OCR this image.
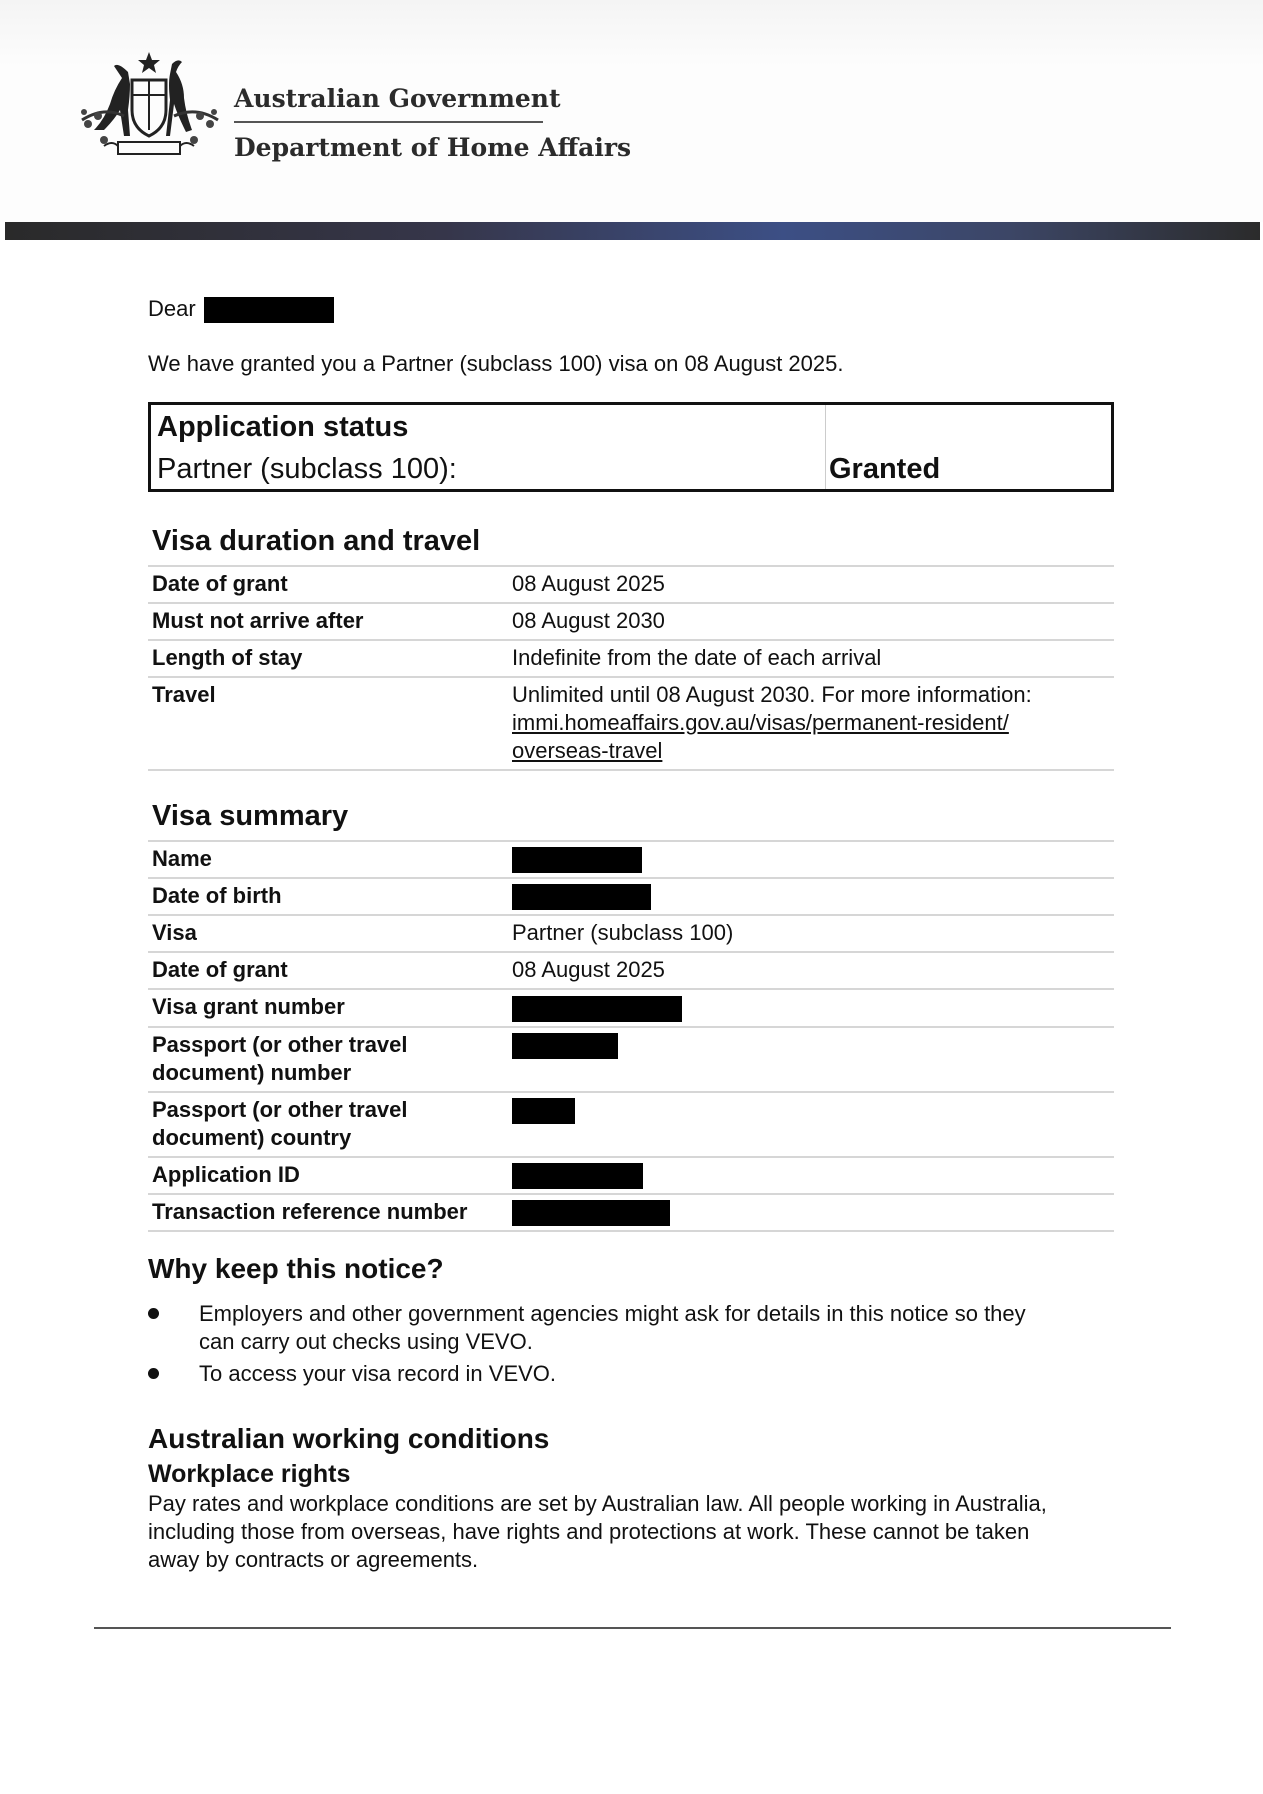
Australian Government
Department of Home Affairs
Dear
We have granted you a Partner (subclass 100) visa on 08 August 2025.
Application status
Partner (subclass 100):	Granted
Visa duration and travel
Date of grant	08 August 2025
Must not arrive after	08 August 2030
Length of stay	Indefinite from the date of each arrival
Travel	Unlimited until 08 August 2030. For more information:
immi.homeaffairs.gov.au/visas/permanent-resident/
overseas-travel
Visa summary
Name	
Date of birth	
Visa	Partner (subclass 100)
Date of grant	08 August 2025
Visa grant number	

Passport (or other travel
document) number	

Passport (or other travel
document) country	

Application ID	
Transaction reference number	
Why keep this notice?
Employers and other government agencies might ask for details in this notice so they
can carry out checks using VEVO.
To access your visa record in VEVO.
Australian working conditions
Workplace rights
Pay rates and workplace conditions are set by Australian law. All people working in Australia,
including those from overseas, have rights and protections at work. These cannot be taken
away by contracts or agreements.
